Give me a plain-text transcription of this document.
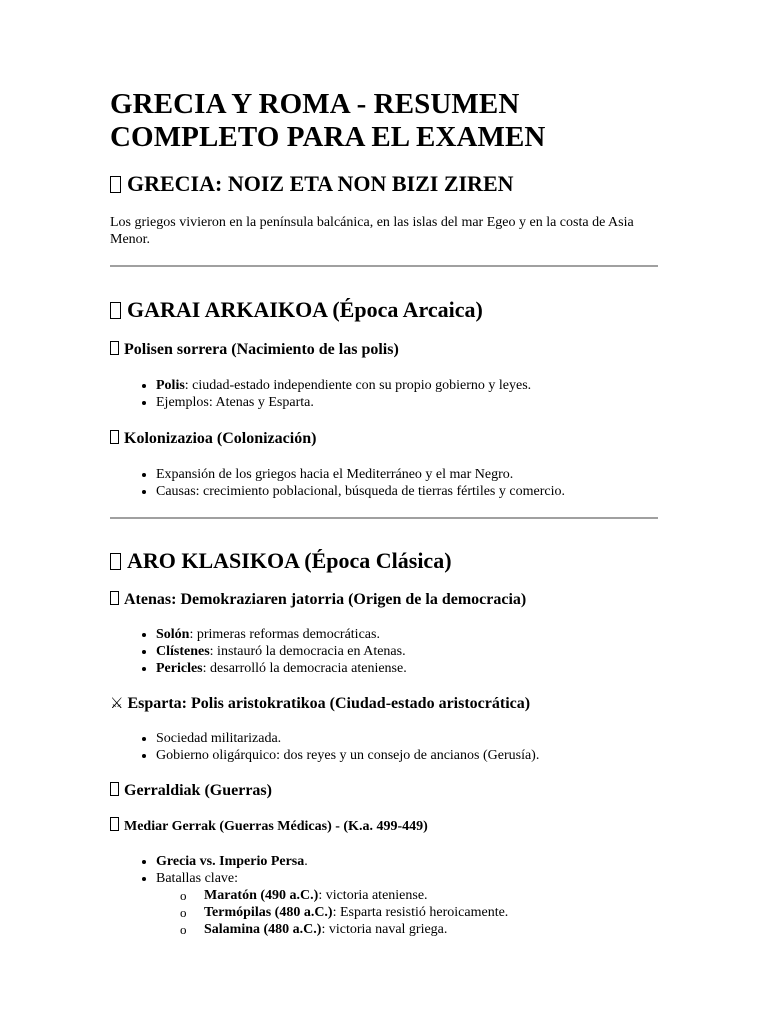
GRECIA Y ROMA - RESUMEN
COMPLETO PARA EL EXAMEN
GRECIA: NOIZ ETA NON BIZI ZIREN

Los griegos vivieron en la península balcánica, en las islas del mar Egeo y en la costa de Asia Menor.

GARAI ARKAIKOA (Época Arcaica)
Polisen sorrera (Nacimiento de las polis)
• Polis: ciudad-estado independiente con su propio gobierno y leyes.
• Ejemplos: Atenas y Esparta.
Kolonizazioa (Colonización)
• Expansión de los griegos hacia el Mediterráneo y el mar Negro.
• Causas: crecimiento poblacional, búsqueda de tierras fértiles y comercio.
ARO KLASIKOA (Época Clásica)
Atenas: Demokraziaren jatorria (Origen de la democracia)
• Solón: primeras reformas democráticas.
• Clístenes: instauró la democracia en Atenas.
• Pericles: desarrolló la democracia ateniense.
⚔ Esparta: Polis aristokratikoa (Ciudad-estado aristocrática)
• Sociedad militarizada.
• Gobierno oligárquico: dos reyes y un consejo de ancianos (Gerusía).
Gerraldiak (Guerras)
Mediar Gerrak (Guerras Médicas) - (K.a. 499-449)
• Grecia vs. Imperio Persa.
• Batallas clave:
o Maratón (490 a.C.): victoria ateniense.
o Termópilas (480 a.C.): Esparta resistió heroicamente.
o Salamina (480 a.C.): victoria naval griega.
